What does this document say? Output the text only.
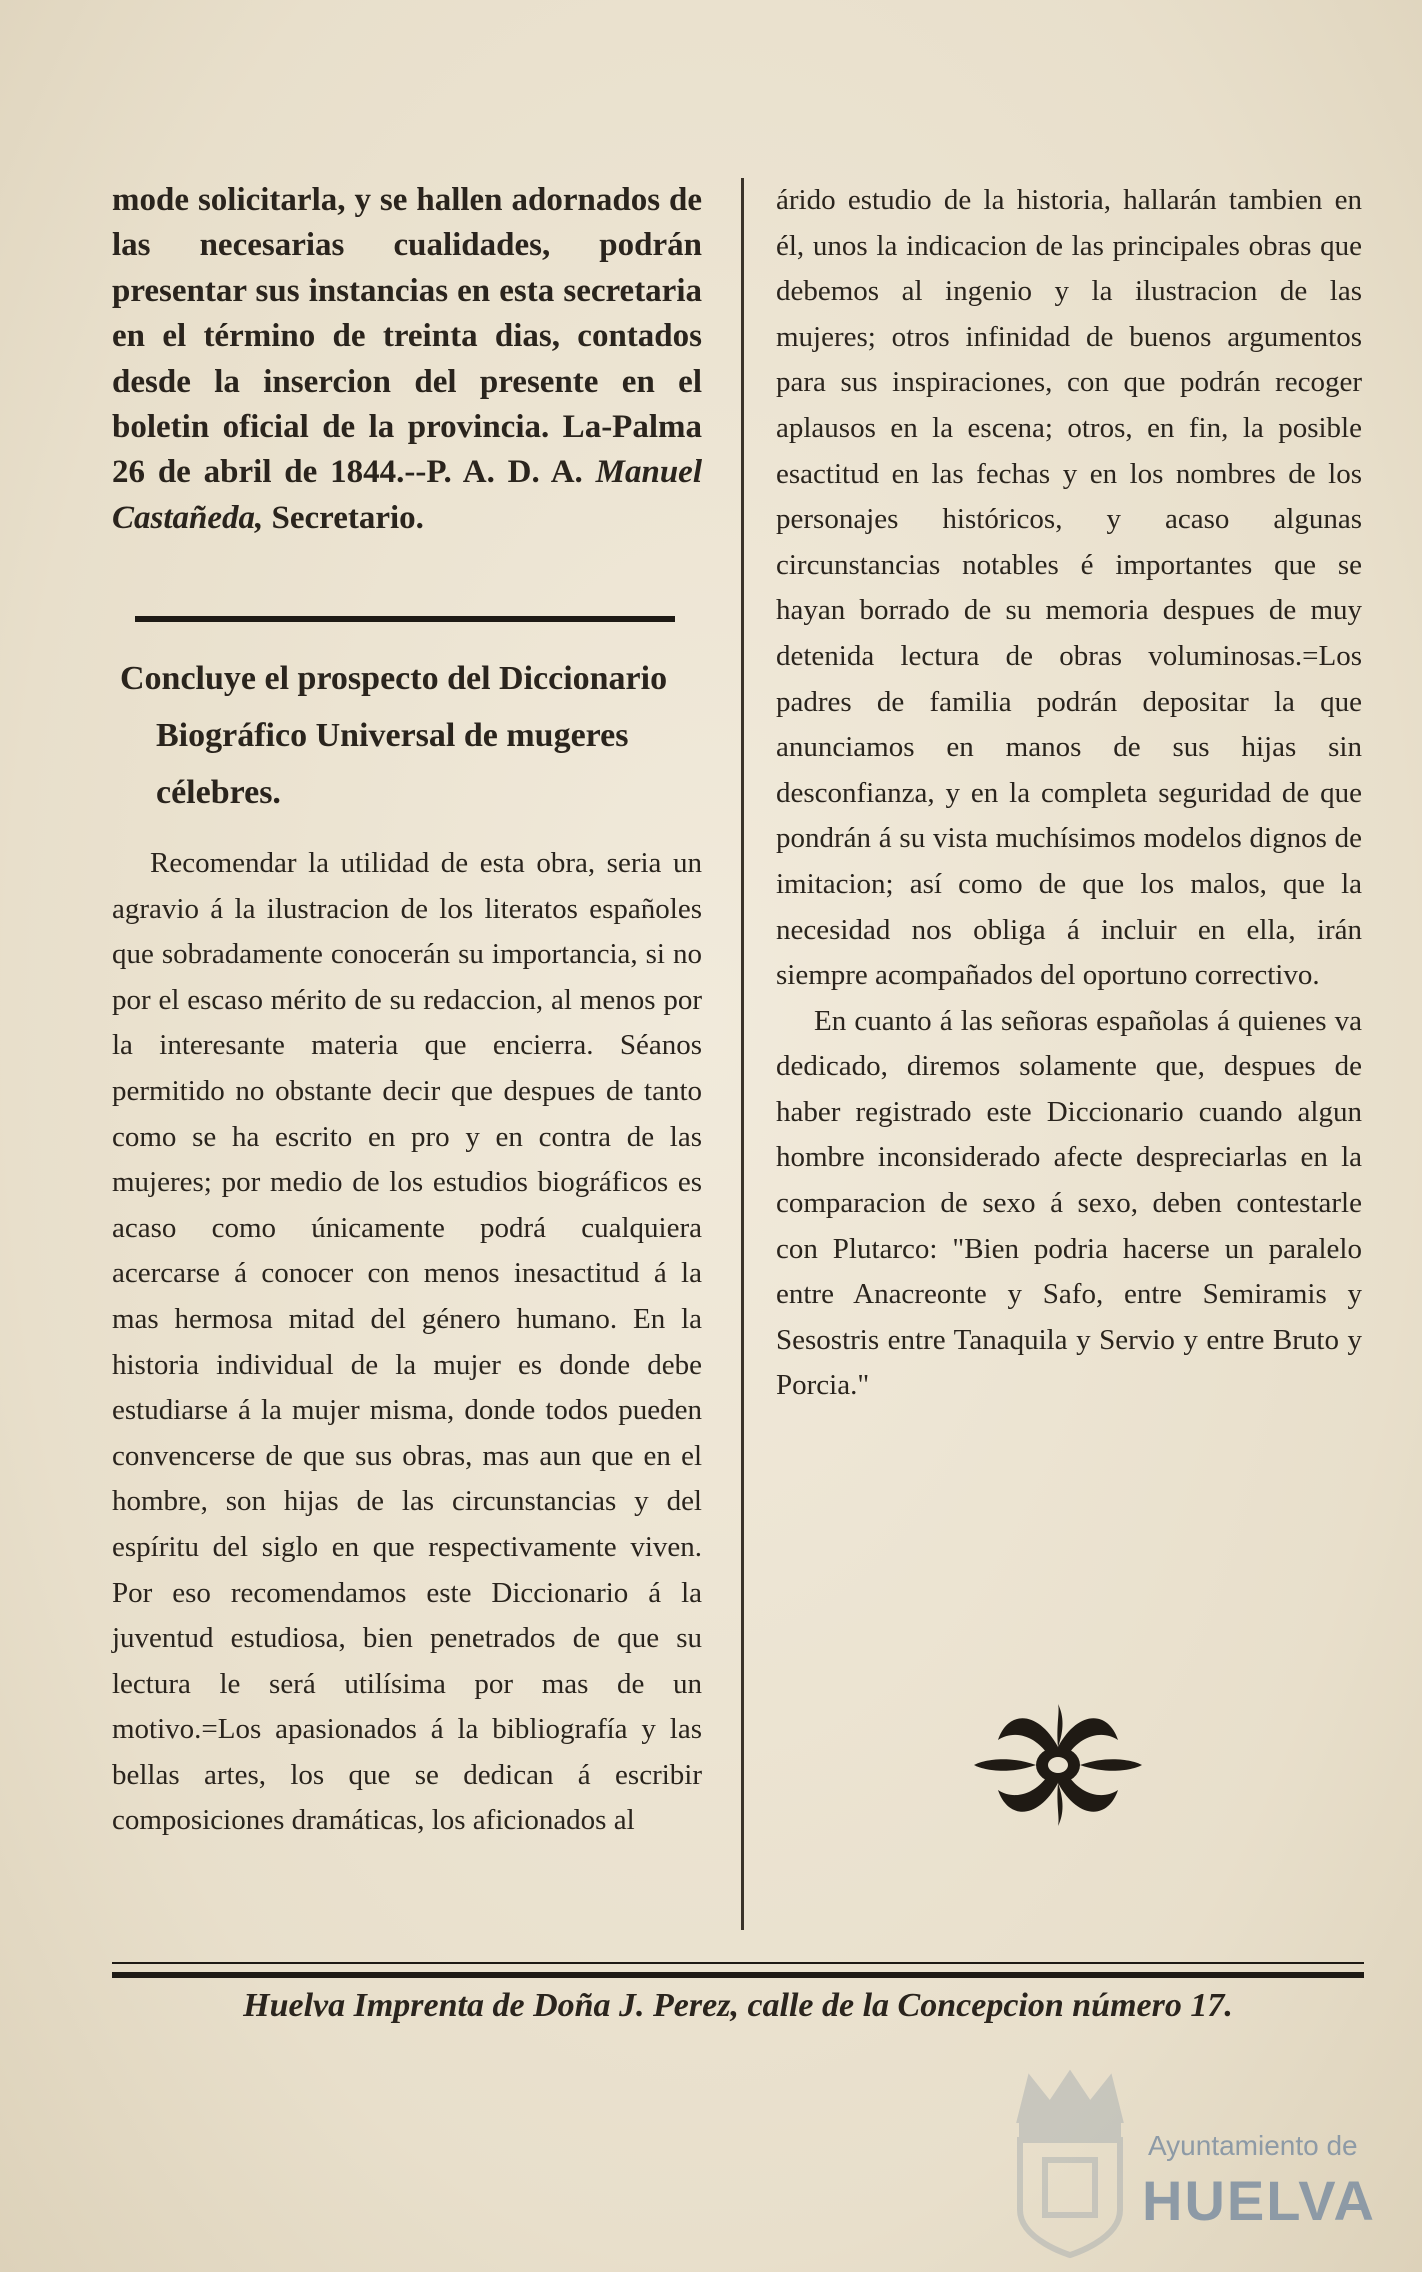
mode solicitarla, y se hallen adornados de las necesarias cualidades, podrán presentar sus instancias en esta secretaria en el término de treinta dias, contados desde la insercion del presente en el boletin oficial de la provincia. La-Palma 26 de abril de 1844.--P. A. D. A. Manuel Castañeda, Secretario.

Concluye el prospecto del Diccionario
Biográfico Universal de mugeres
célebres.

Recomendar la utilidad de esta obra, seria un agravio á la ilustracion de los literatos españoles que sobradamente conocerán su importancia, si no por el escaso mérito de su redaccion, al menos por la interesante materia que encierra. Séanos permitido no obstante decir que despues de tanto como se ha escrito en pro y en contra de las mujeres; por medio de los estudios biográficos es acaso como únicamente podrá cualquiera acercarse á conocer con menos inesactitud á la mas hermosa mitad del género humano. En la historia individual de la mujer es donde debe estudiarse á la mujer misma, donde todos pueden convencerse de que sus obras, mas aun que en el hombre, son hijas de las circunstancias y del espíritu del siglo en que respectivamente viven. Por eso recomendamos este Diccionario á la juventud estudiosa, bien penetrados de que su lectura le será utilísima por mas de un motivo.=Los apasionados á la bibliografía y las bellas artes, los que se dedican á escribir composiciones dramáticas, los aficionados al

árido estudio de la historia, hallarán tambien en él, unos la indicacion de las principales obras que debemos al ingenio y la ilustracion de las mujeres; otros infinidad de buenos argumentos para sus inspiraciones, con que podrán recoger aplausos en la escena; otros, en fin, la posible esactitud en las fechas y en los nombres de los personajes históricos, y acaso algunas circunstancias notables é importantes que se hayan borrado de su memoria despues de muy detenida lectura de obras voluminosas.=Los padres de familia podrán depositar la que anunciamos en manos de sus hijas sin desconfianza, y en la completa seguridad de que pondrán á su vista muchísimos modelos dignos de imitacion; así como de que los malos, que la necesidad nos obliga á incluir en ella, irán siempre acompañados del oportuno correctivo.

En cuanto á las señoras españolas á quienes va dedicado, diremos solamente que, despues de haber registrado este Diccionario cuando algun hombre inconsiderado afecte despreciarlas en la comparacion de sexo á sexo, deben contestarle con Plutarco: "Bien podria hacerse un paralelo entre Anacreonte y Safo, entre Semiramis y Sesostris entre Tanaquila y Servio y entre Bruto y Porcia."

Huelva Imprenta de Doña J. Perez, calle de la Concepcion número 17.
Ayuntamiento de
HUELVA
